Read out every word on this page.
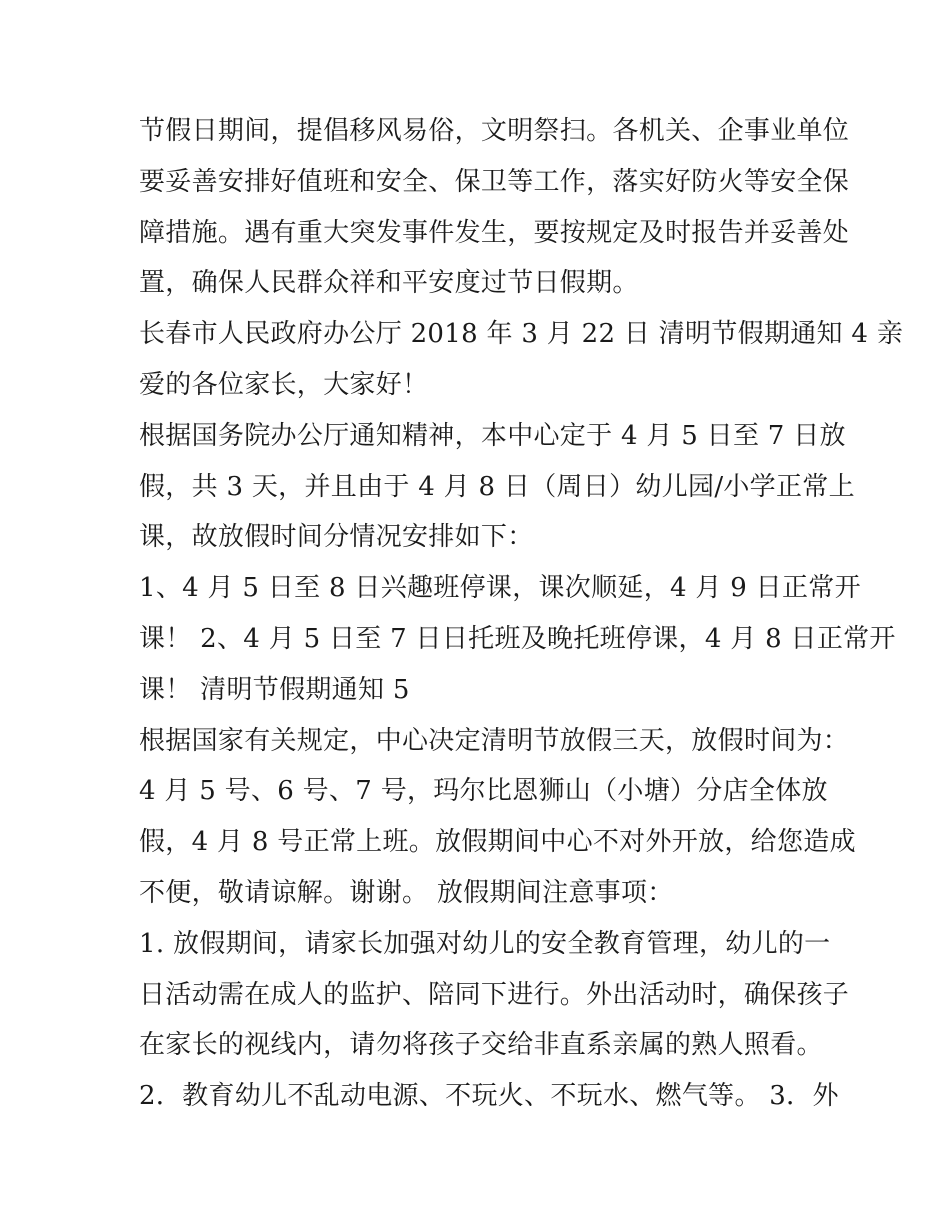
节假日期间，提倡移风易俗，文明祭扫。各机关、企事业单位
要妥善安排好值班和安全、保卫等工作，落实好防火等安全保
障措施。遇有重大突发事件发生，要按规定及时报告并妥善处
置，确保人民群众祥和平安度过节日假期。
长春市人民政府办公厅 2018 年 3 月 22 日 清明节假期通知 4 亲
爱的各位家长，大家好！
根据国务院办公厅通知精神，本中心定于 4 月 5 日至 7 日放
假，共 3 天，并且由于 4 月 8 日（周日）幼儿园/小学正常上
课，故放假时间分情况安排如下：
1、4 月 5 日至 8 日兴趣班停课，课次顺延，4 月 9 日正常开
课！ 2、4 月 5 日至 7 日日托班及晚托班停课，4 月 8 日正常开
课！ 清明节假期通知 5
根据国家有关规定，中心决定清明节放假三天，放假时间为：
4 月 5 号、6 号、7 号，玛尔比恩狮山（小塘）分店全体放
假，4 月 8 号正常上班。放假期间中心不对外开放，给您造成
不便，敬请谅解。谢谢。 放假期间注意事项：
1. 放假期间，请家长加强对幼儿的安全教育管理，幼儿的一
日活动需在成人的监护、陪同下进行。外出活动时，确保孩子
在家长的视线内，请勿将孩子交给非直系亲属的熟人照看。
2．教育幼儿不乱动电源、不玩火、不玩水、燃气等。 3．外
